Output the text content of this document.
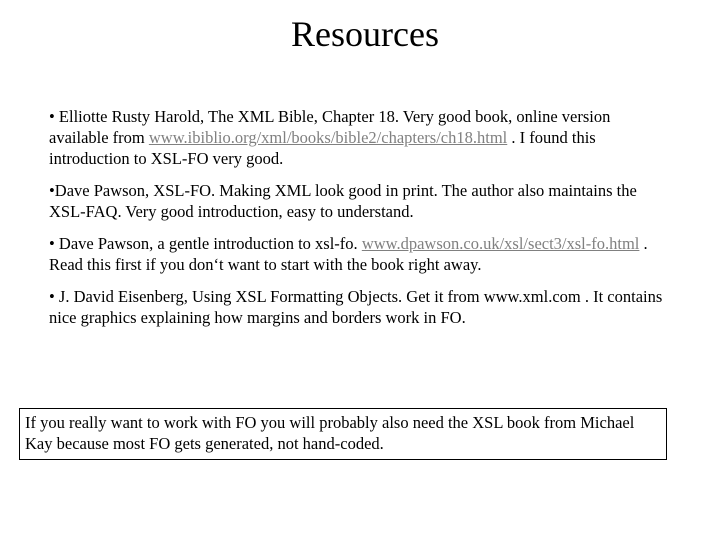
Resources

• Elliotte Rusty Harold, The XML Bible, Chapter 18. Very good book, online version available from www.ibiblio.org/xml/books/bible2/chapters/ch18.html . I found this introduction to XSL-FO very good.

•Dave Pawson, XSL-FO. Making XML look good in print. The author also maintains the XSL-FAQ. Very good introduction, easy to understand.

• Dave Pawson, a gentle introduction to xsl-fo. www.dpawson.co.uk/xsl/sect3/xsl-fo.html . Read this first if you don‘t want to start with the book right away.

• J. David Eisenberg, Using XSL Formatting Objects. Get it from www.xml.com . It contains nice graphics explaining how margins and borders work in FO.

If you really want to work with FO you will probably also need the XSL book from Michael Kay because most FO gets generated, not hand-coded.
